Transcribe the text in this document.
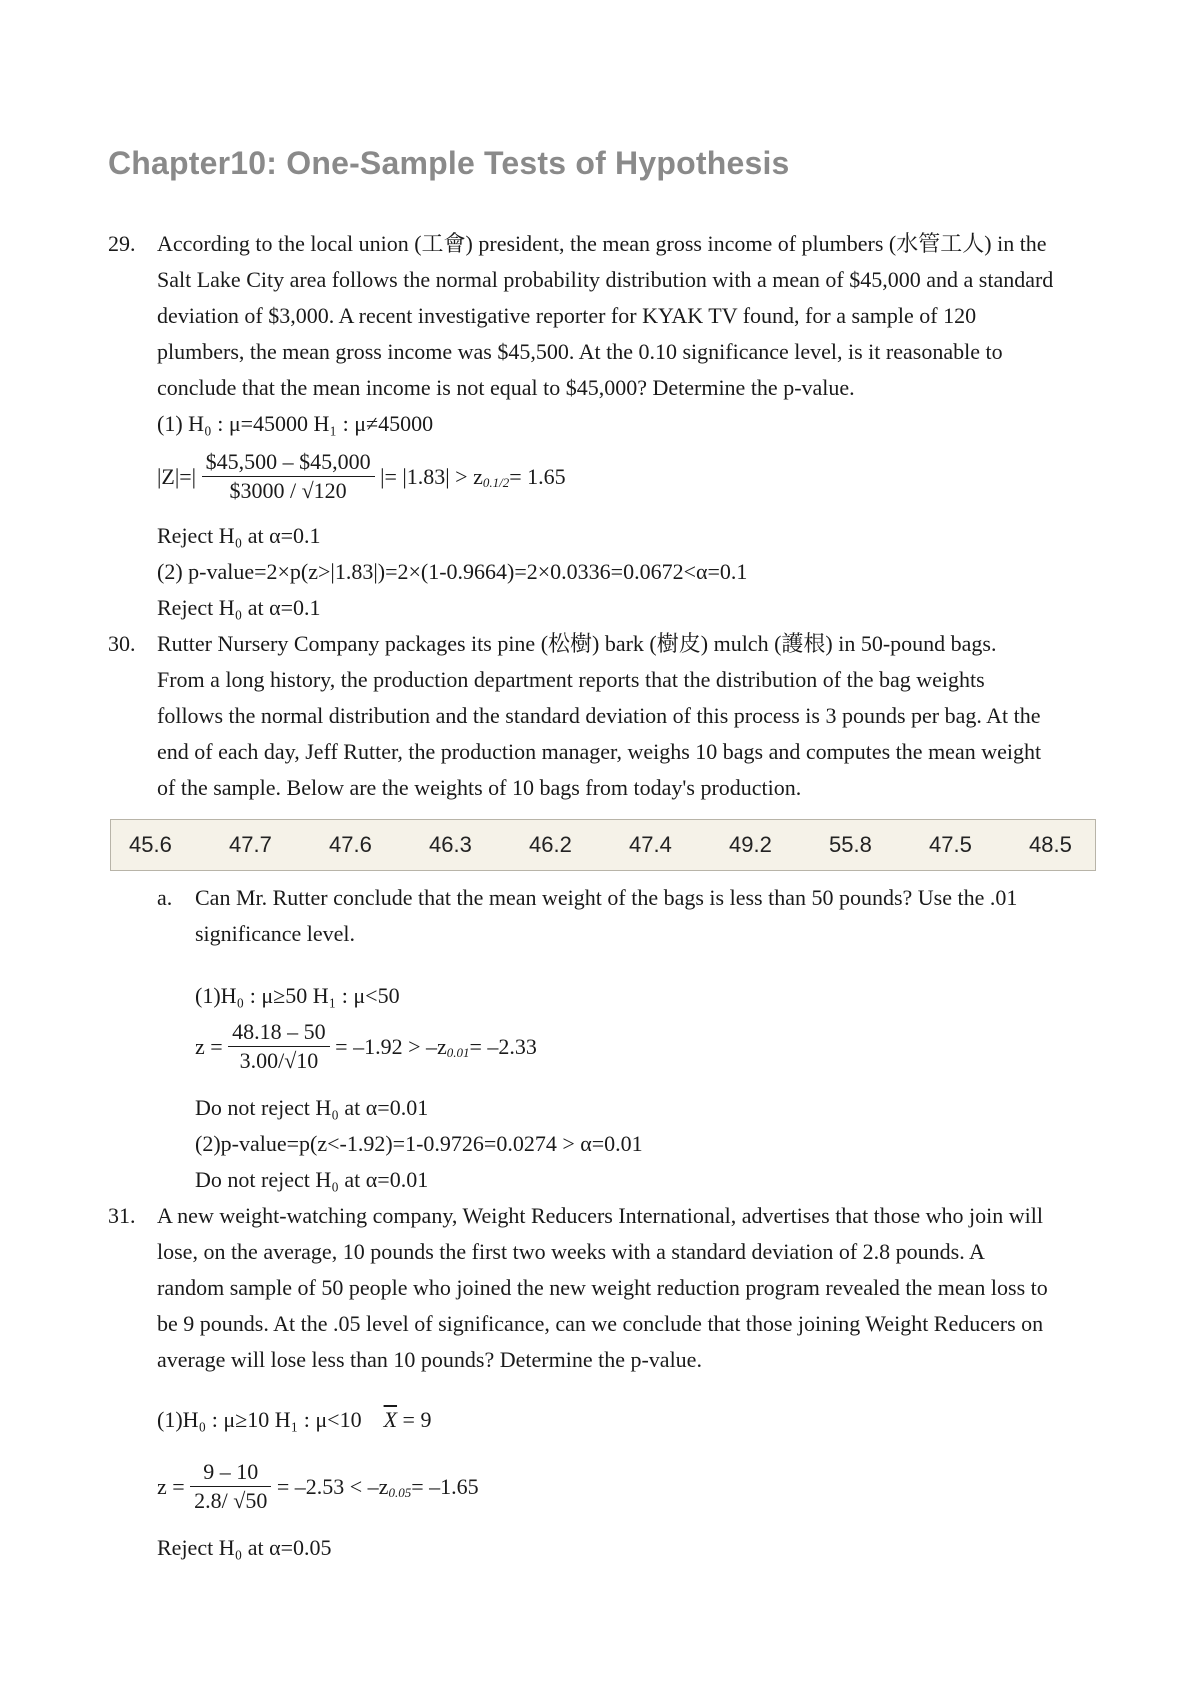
Chapter10: One-Sample Tests of Hypothesis
29. According to the local union (工會) president, the mean gross income of plumbers (水管工人) in the
Salt Lake City area follows the normal probability distribution with a mean of $45,000 and a standard
deviation of $3,000. A recent investigative reporter for KYAK TV found, for a sample of 120
plumbers, the mean gross income was $45,500. At the 0.10 significance level, is it reasonable to
conclude that the mean income is not equal to $45,000? Determine the p-value.
(1) H₀ : μ=45000 H₁ : μ≠45000
$|Z|=| \frac{\$45,500 - \$45,000}{\$3000 / √120}$ |= |1.83| > z0.1/2= 1.65
Reject H₀ at α=0.1
(2) p-value=2×p(z>|1.83|)=2×(1-0.9664)=2×0.0336=0.0672<α=0.1
Reject H₀ at α=0.1
30. Rutter Nursery Company packages its pine (松樹) bark (樹皮) mulch (護根) in 50-pound bags.
From a long history, the production department reports that the distribution of the bag weights
follows the normal distribution and the standard deviation of this process is 3 pounds per bag. At the
end of each day, Jeff Rutter, the production manager, weighs 10 bags and computes the mean weight
of the sample. Below are the weights of 10 bags from today's production.
45.6	47.7	47.6	46.3	46.2	47.4	49.2	55.8	47.5	48.5
a. Can Mr. Rutter conclude that the mean weight of the bags is less than 50 pounds? Use the .01
significance level.
(1)H₀ : μ≥50 H₁ : μ<50
$z = \frac{48.18 - 50}{3.00/√10} = -1.92 > -z0.01= -2.33$
Do not reject H₀ at α=0.01
(2)p-value=p(z<-1.92)=1-0.9726=0.0274 > α=0.01
Do not reject H₀ at α=0.01
31. A new weight-watching company, Weight Reducers International, advertises that those who join will
lose, on the average, 10 pounds the first two weeks with a standard deviation of 2.8 pounds. A
random sample of 50 people who joined the new weight reduction program revealed the mean loss to
be 9 pounds. At the .05 level of significance, can we conclude that those joining Weight Reducers on
average will lose less than 10 pounds? Determine the p-value.
(1)H₀ : μ≥10 H₁ : μ<10 $\overline{X} = 9$
$z = \frac{9 - 10}{2.8/ √50} = -2.53 < -z0.05= -1.65$
Reject H₀ at α=0.05
